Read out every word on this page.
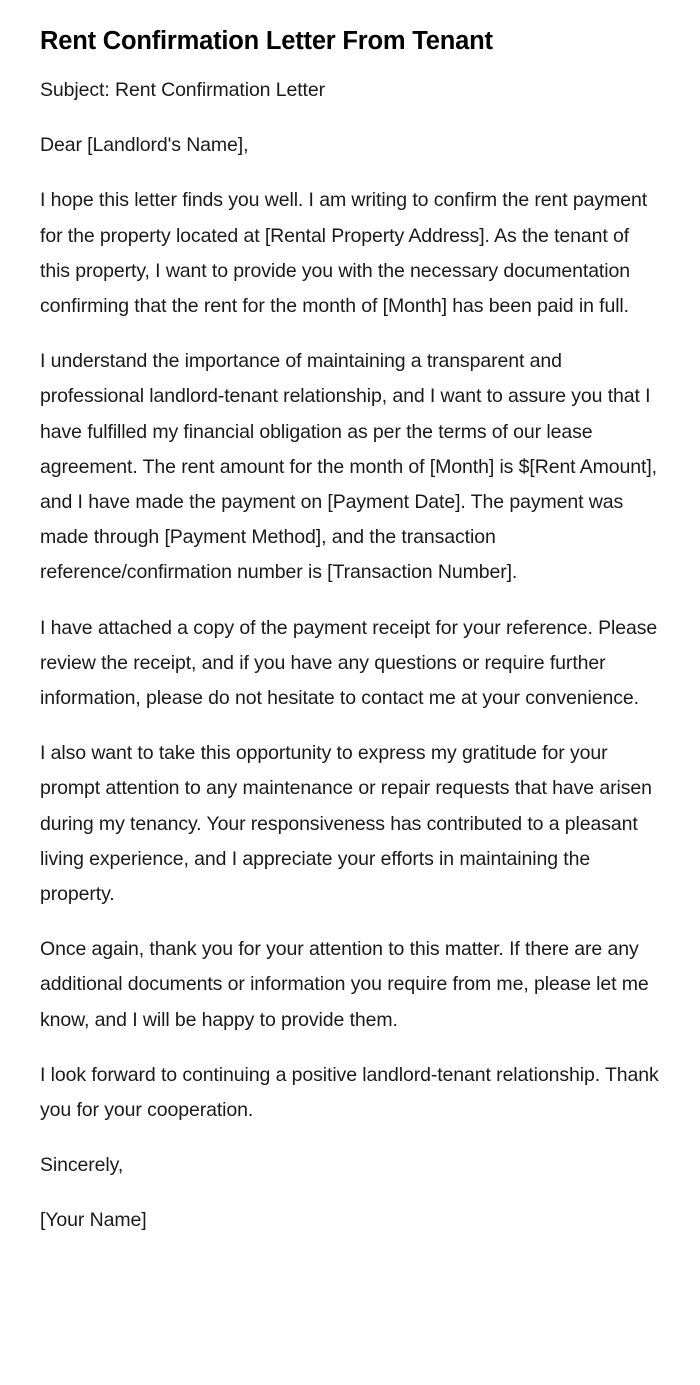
Rent Confirmation Letter From Tenant

Subject: Rent Confirmation Letter

Dear [Landlord's Name],

I hope this letter finds you well. I am writing to confirm the rent payment for the property located at [Rental Property Address]. As the tenant of this property, I want to provide you with the necessary documentation confirming that the rent for the month of [Month] has been paid in full.

I understand the importance of maintaining a transparent and professional landlord-tenant relationship, and I want to assure you that I have fulfilled my financial obligation as per the terms of our lease agreement. The rent amount for the month of [Month] is $[Rent Amount], and I have made the payment on [Payment Date]. The payment was made through [Payment Method], and the transaction reference/confirmation number is [Transaction Number].

I have attached a copy of the payment receipt for your reference. Please review the receipt, and if you have any questions or require further information, please do not hesitate to contact me at your convenience.

I also want to take this opportunity to express my gratitude for your prompt attention to any maintenance or repair requests that have arisen during my tenancy. Your responsiveness has contributed to a pleasant living experience, and I appreciate your efforts in maintaining the property.

Once again, thank you for your attention to this matter. If there are any additional documents or information you require from me, please let me know, and I will be happy to provide them.

I look forward to continuing a positive landlord-tenant relationship. Thank you for your cooperation.

Sincerely,

[Your Name]
